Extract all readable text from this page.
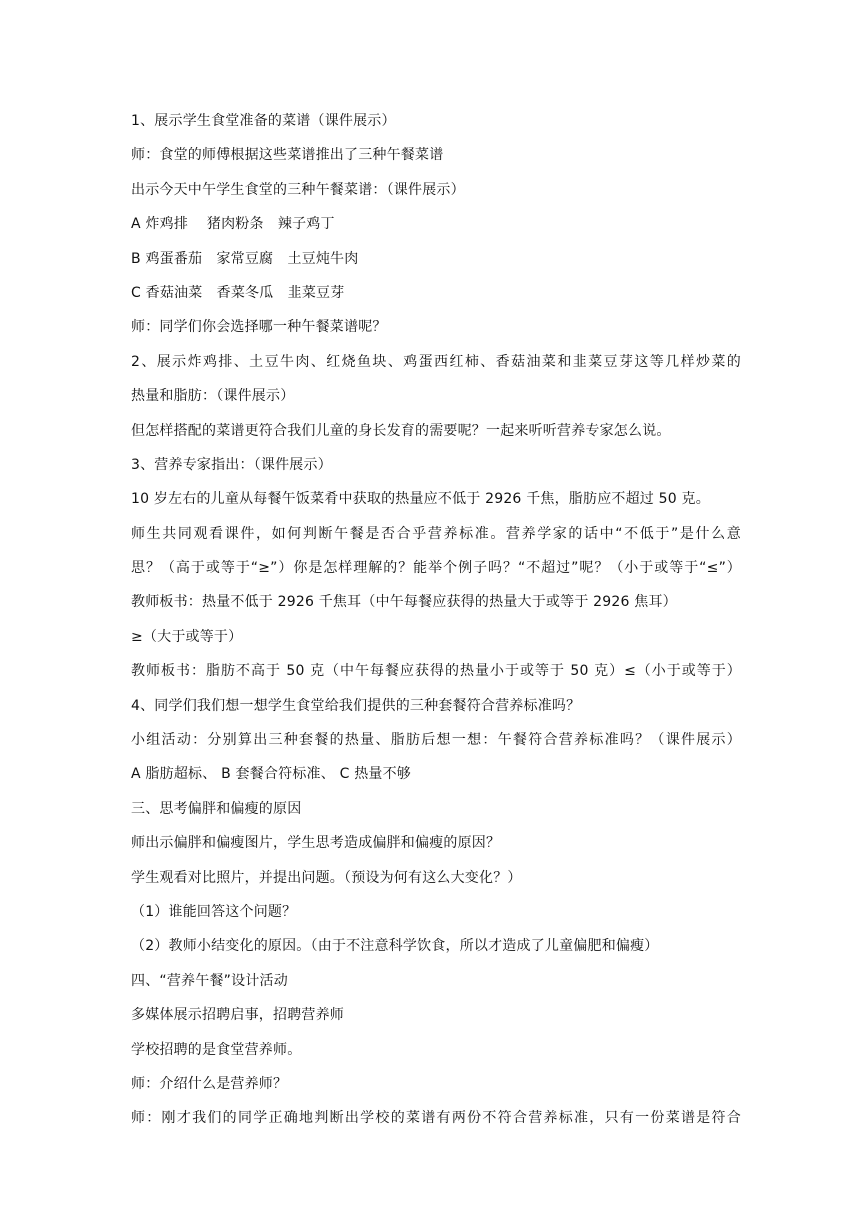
1、展示学生食堂准备的菜谱（课件展示）
师：食堂的师傅根据这些菜谱推出了三种午餐菜谱
出示今天中午学生食堂的三种午餐菜谱：（课件展示）
A 炸鸡排　 猪肉粉条　辣子鸡丁
B 鸡蛋番茄　家常豆腐　土豆炖牛肉
C 香菇油菜　香菜冬瓜　韭菜豆芽
师：同学们你会选择哪一种午餐菜谱呢？
2、展示炸鸡排、土豆牛肉、红烧鱼块、鸡蛋西红柿、香菇油菜和韭菜豆芽这等几样炒菜的
热量和脂肪：（课件展示）
但怎样搭配的菜谱更符合我们儿童的身长发育的需要呢？一起来听听营养专家怎么说。
3、营养专家指出：（课件展示）
10 岁左右的儿童从每餐午饭菜肴中获取的热量应不低于 2926 千焦，脂肪应不超过 50 克。
师生共同观看课件，如何判断午餐是否合乎营养标准。营养学家的话中“不低于”是什么意
思？（高于或等于“≥”）你是怎样理解的？能举个例子吗？“不超过”呢？（小于或等于“≤”）
教师板书：热量不低于 2926 千焦耳（中午每餐应获得的热量大于或等于 2926 焦耳）
≥（大于或等于）
教师板书：脂肪不高于 50 克（中午每餐应获得的热量小于或等于 50 克）≤（小于或等于）
4、同学们我们想一想学生食堂给我们提供的三种套餐符合营养标准吗？
小组活动：分别算出三种套餐的热量、脂肪后想一想：午餐符合营养标准吗？（课件展示）
A 脂肪超标、 B 套餐合符标准、 C 热量不够
三、思考偏胖和偏瘦的原因
师出示偏胖和偏瘦图片，学生思考造成偏胖和偏瘦的原因？
学生观看对比照片，并提出问题。（预设为何有这么大变化？）
（1）谁能回答这个问题？
（2）教师小结变化的原因。（由于不注意科学饮食，所以才造成了儿童偏肥和偏瘦）
四、“营养午餐”设计活动
多媒体展示招聘启事，招聘营养师
学校招聘的是食堂营养师。
师：介绍什么是营养师？
师：刚才我们的同学正确地判断出学校的菜谱有两份不符合营养标准，只有一份菜谱是符合
